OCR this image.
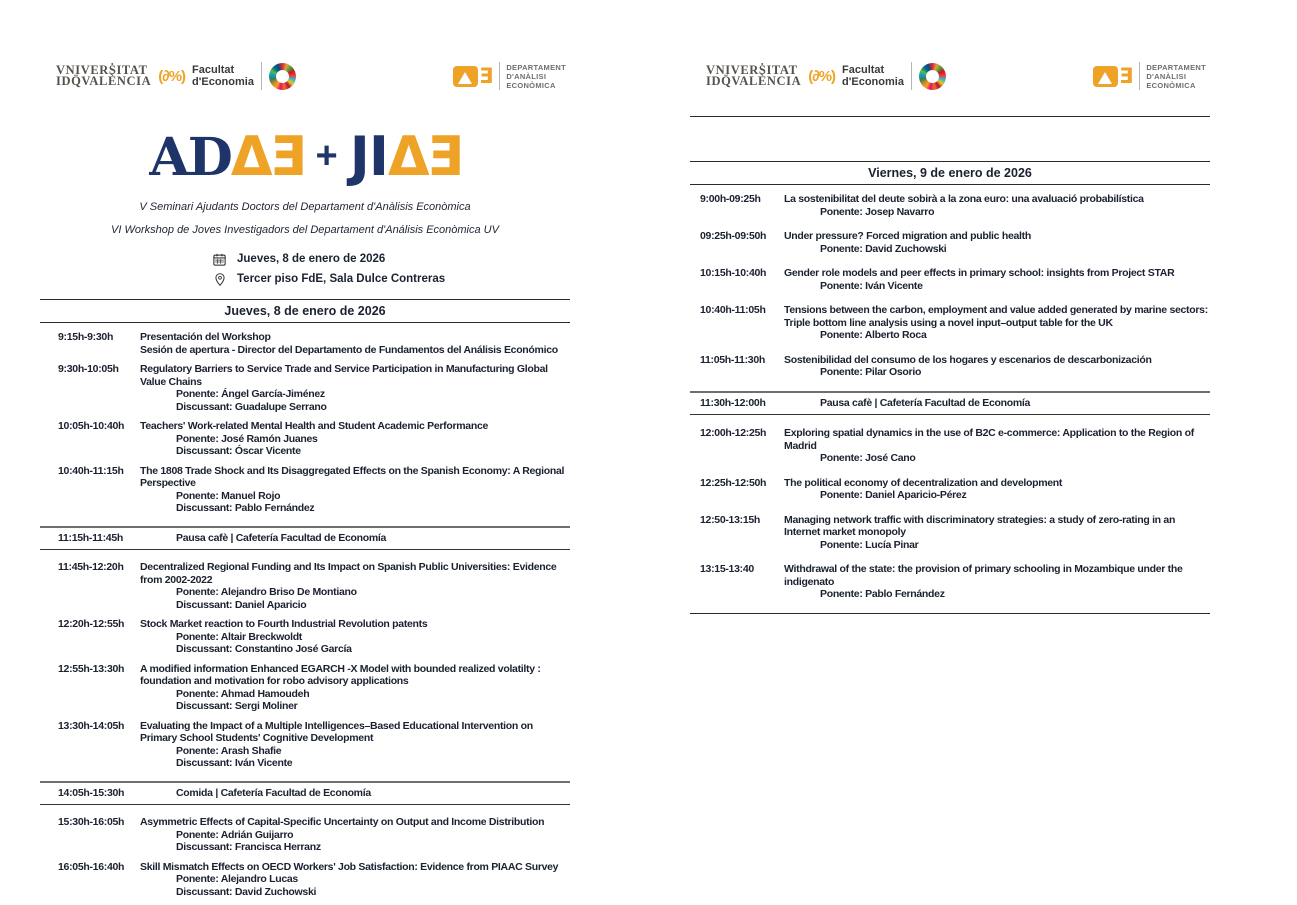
VNIVERṠITAT
IDQ̈VALÈNCIA (∂%) Facultat
d'Economia	Ǝ DEPARTAMENT
D'ANÀLISI
ECONÒMICA
ADΔƎ + JIΔƎ
V Seminari Ajudants Doctors del Departament d'Anàlisis Econòmica
VI Workshop de Joves Investigadors del Departament d'Análisis Econòmica UV
Jueves, 8 de enero de 2026
Tercer piso FdE, Sala Dulce Contreras
Jueves, 8 de enero de 2026
9:15h-9:30h	Presentación del Workshop
Sesión de apertura - Director del Departamento de Fundamentos del Análisis Económico
9:30h-10:05h	Regulatory Barriers to Service Trade and Service Participation in Manufacturing Global Value Chains
Ponente: Ángel García-Jiménez
Discussant: Guadalupe Serrano
10:05h-10:40h	Teachers' Work-related Mental Health and Student Academic Performance
Ponente: José Ramón Juanes
Discussant: Óscar Vicente
10:40h-11:15h	The 1808 Trade Shock and Its Disaggregated Effects on the Spanish Economy: A Regional Perspective
Ponente: Manuel Rojo
Discussant: Pablo Fernández
11:15h-11:45h	Pausa cafè | Cafetería Facultad de Economía
11:45h-12:20h	Decentralized Regional Funding and Its Impact on Spanish Public Universities: Evidence from 2002-2022
Ponente: Alejandro Briso De Montiano
Discussant: Daniel Aparicio
12:20h-12:55h	Stock Market reaction to Fourth Industrial Revolution patents
Ponente: Altair Breckwoldt
Discussant: Constantino José García
12:55h-13:30h	A modified information Enhanced EGARCH -X Model with bounded realized volatilty : foundation and motivation for robo advisory applications
Ponente: Ahmad Hamoudeh
Discussant: Sergi Moliner
13:30h-14:05h	Evaluating the Impact of a Multiple Intelligences–Based Educational Intervention on Primary School Students' Cognitive Development
Ponente: Arash Shafie
Discussant: Iván Vicente
14:05h-15:30h	Comida | Cafetería Facultad de Economía
15:30h-16:05h	Asymmetric Effects of Capital-Specific Uncertainty on Output and Income Distribution
Ponente: Adrián Guijarro
Discussant: Francisca Herranz
16:05h-16:40h	Skill Mismatch Effects on OECD Workers' Job Satisfaction: Evidence from PIAAC Survey
Ponente: Alejandro Lucas
Discussant: David Zuchowski
VNIVERṠITAT
IDQ̈VALÈNCIA (∂%) Facultat
d'Economia	Ǝ DEPARTAMENT
D'ANÀLISI
ECONÒMICA
Viernes, 9 de enero de 2026
9:00h-09:25h	La sostenibilitat del deute sobirà a la zona euro: una avaluació probabilística
Ponente: Josep Navarro
09:25h-09:50h	Under pressure? Forced migration and public health
Ponente: David Zuchowski
10:15h-10:40h	Gender role models and peer effects in primary school: insights from Project STAR
Ponente: Iván Vicente
10:40h-11:05h	Tensions between the carbon, employment and value added generated by marine sectors: Triple bottom line analysis using a novel input–output table for the UK
Ponente: Alberto Roca
11:05h-11:30h	Sostenibilidad del consumo de los hogares y escenarios de descarbonización
Ponente: Pilar Osorio
11:30h-12:00h	Pausa cafè | Cafetería Facultad de Economía
12:00h-12:25h	Exploring spatial dynamics in the use of B2C e-commerce: Application to the Region of Madrid
Ponente: José Cano
12:25h-12:50h	The political economy of decentralization and development
Ponente: Daniel Aparicio-Pérez
12:50-13:15h	Managing network traffic with discriminatory strategies: a study of zero-rating in an Internet market monopoly
Ponente: Lucía Pinar
13:15-13:40	Withdrawal of the state: the provision of primary schooling in Mozambique under the indigenato
Ponente: Pablo Fernández
